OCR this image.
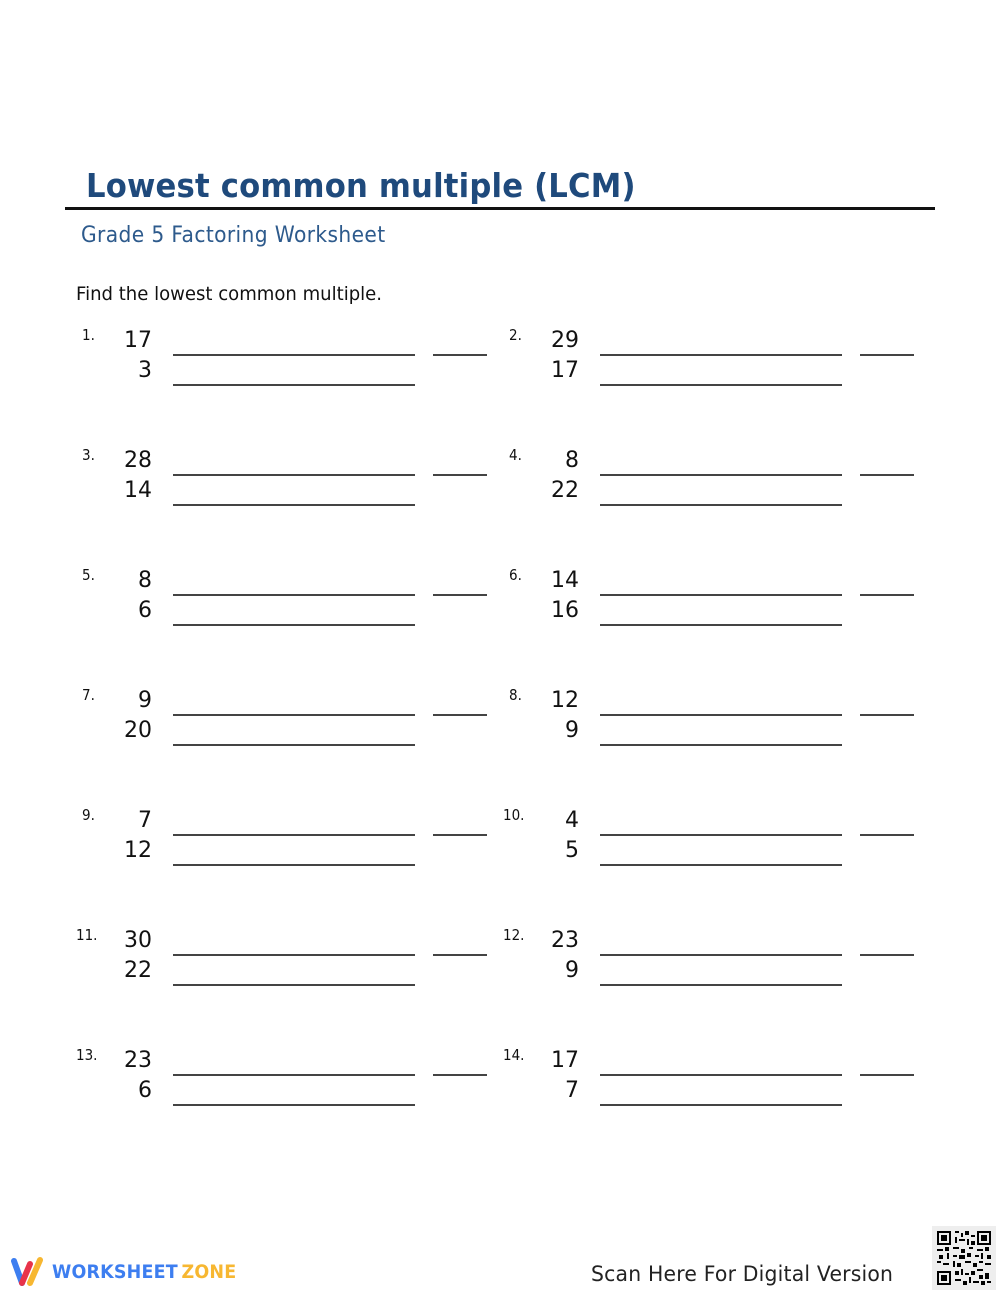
Lowest common multiple (LCM)
Grade 5 Factoring Worksheet
Find the lowest common multiple.
1.	17
3
2.	29
17
3.	28
14
4.	8
22
5.	8
6
6.	14
16
7.	9
20
8.	12
9
9.	7
12
10.	4
5
11.	30
22
12.	23
9
13.	23
6
14.	17
7
WORKSHEET ZONE	Scan Here For Digital Version
